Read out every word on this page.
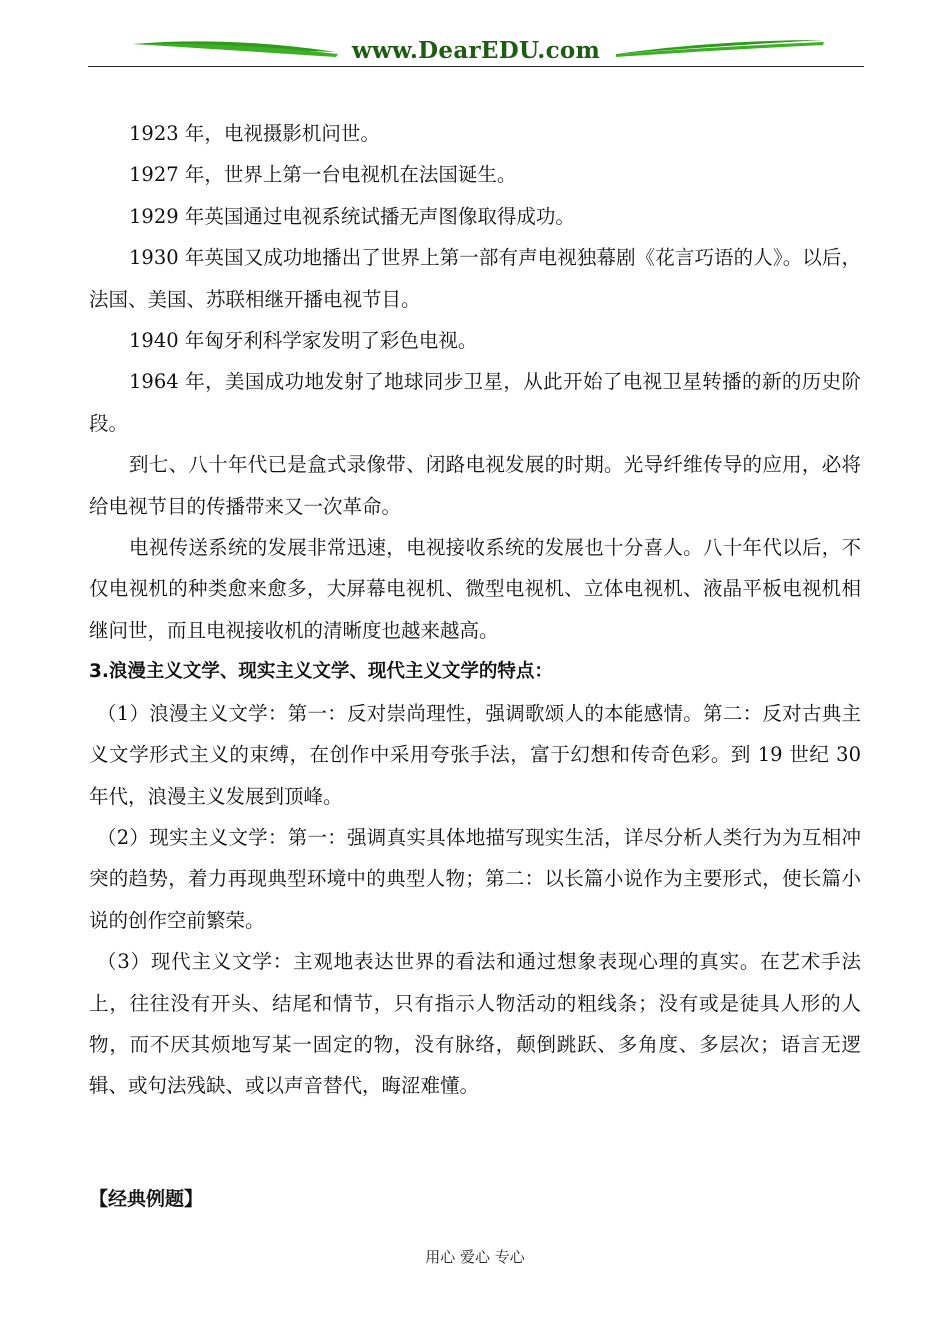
www.DearEDU.com

1923 年，电视摄影机问世。

1927 年，世界上第一台电视机在法国诞生。

1929 年英国通过电视系统试播无声图像取得成功。

1930 年英国又成功地播出了世界上第一部有声电视独幕剧《花言巧语的人》。以后，法国、美国、苏联相继开播电视节目。

1940 年匈牙利科学家发明了彩色电视。

1964 年，美国成功地发射了地球同步卫星，从此开始了电视卫星转播的新的历史阶段。

到七、八十年代已是盒式录像带、闭路电视发展的时期。光导纤维传导的应用，必将给电视节目的传播带来又一次革命。

电视传送系统的发展非常迅速，电视接收系统的发展也十分喜人。八十年代以后，不仅电视机的种类愈来愈多，大屏幕电视机、微型电视机、立体电视机、液晶平板电视机相继问世，而且电视接收机的清晰度也越来越高。

3.浪漫主义文学、现实主义文学、现代主义文学的特点：

（1）浪漫主义文学：第一：反对崇尚理性，强调歌颂人的本能感情。第二：反对古典主义文学形式主义的束缚，在创作中采用夸张手法，富于幻想和传奇色彩。到 19 世纪 30 年代，浪漫主义发展到顶峰。

（2）现实主义文学：第一：强调真实具体地描写现实生活，详尽分析人类行为为互相冲突的趋势，着力再现典型环境中的典型人物；第二：以长篇小说作为主要形式，使长篇小说的创作空前繁荣。

（3）现代主义文学：主观地表达世界的看法和通过想象表现心理的真实。在艺术手法上，往往没有开头、结尾和情节，只有指示人物活动的粗线条；没有或是徒具人形的人物，而不厌其烦地写某一固定的物，没有脉络，颠倒跳跃、多角度、多层次；语言无逻辑、或句法残缺、或以声音替代，晦涩难懂。

【经典例题】
用心 爱心 专心
